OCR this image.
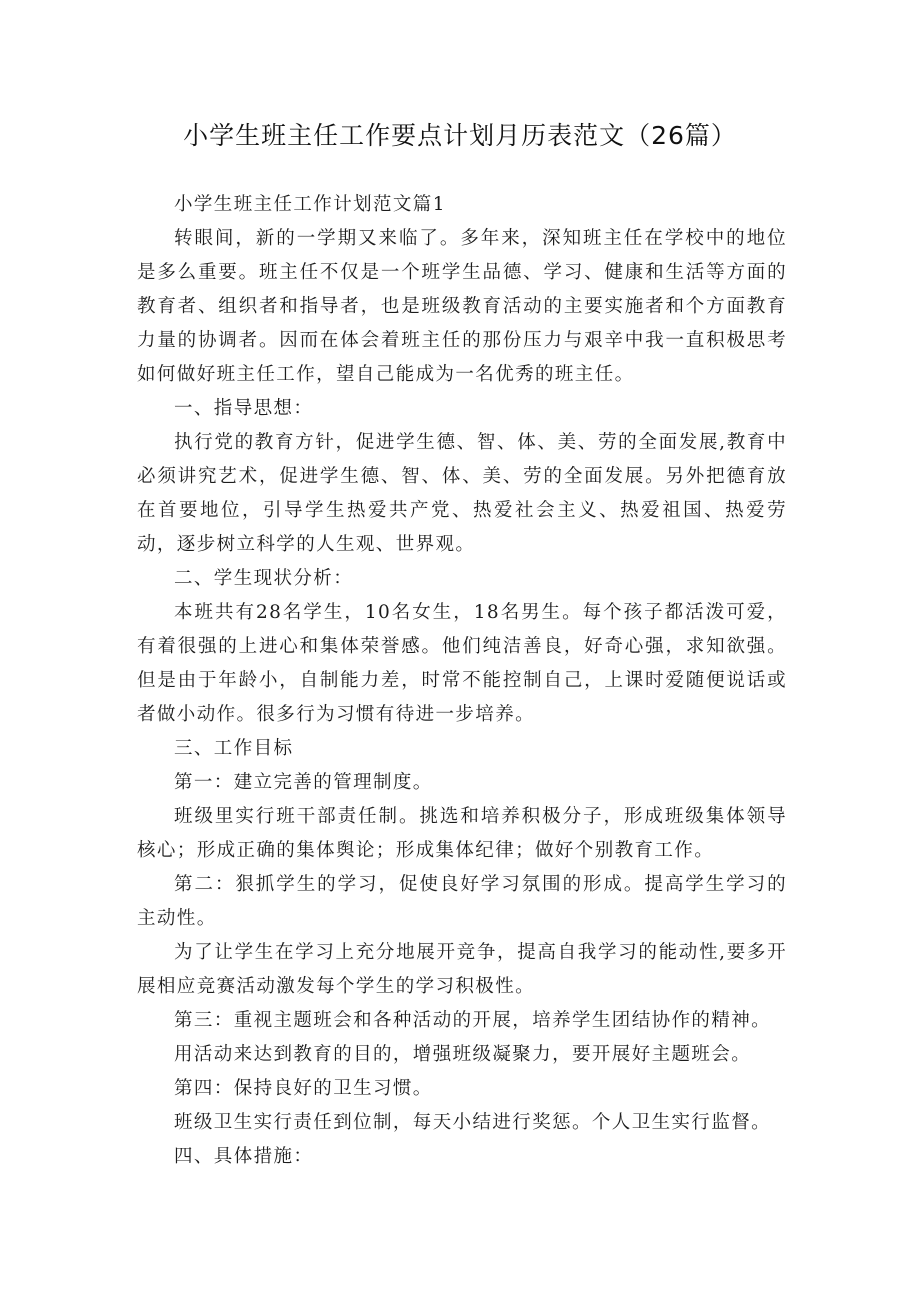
小学生班主任工作要点计划月历表范文（26篇）

小学生班主任工作计划范文篇1

转眼间，新的一学期又来临了。多年来，深知班主任在学校中的地位是多么重要。班主任不仅是一个班学生品德、学习、健康和生活等方面的教育者、组织者和指导者，也是班级教育活动的主要实施者和个方面教育力量的协调者。因而在体会着班主任的那份压力与艰辛中我一直积极思考如何做好班主任工作，望自己能成为一名优秀的班主任。

一、指导思想：

执行党的教育方针，促进学生德、智、体、美、劳的全面发展,教育中必须讲究艺术，促进学生德、智、体、美、劳的全面发展。另外把德育放在首要地位，引导学生热爱共产党、热爱社会主义、热爱祖国、热爱劳动，逐步树立科学的人生观、世界观。

二、学生现状分析：

本班共有28名学生，10名女生，18名男生。每个孩子都活泼可爱，有着很强的上进心和集体荣誉感。他们纯洁善良，好奇心强，求知欲强。但是由于年龄小，自制能力差，时常不能控制自己，上课时爱随便说话或者做小动作。很多行为习惯有待进一步培养。

三、工作目标

第一：建立完善的管理制度。

班级里实行班干部责任制。挑选和培养积极分子，形成班级集体领导核心；形成正确的集体舆论；形成集体纪律；做好个别教育工作。

第二：狠抓学生的学习，促使良好学习氛围的形成。提高学生学习的主动性。

为了让学生在学习上充分地展开竞争，提高自我学习的能动性,要多开展相应竞赛活动激发每个学生的学习积极性。

第三：重视主题班会和各种活动的开展，培养学生团结协作的精神。

用活动来达到教育的目的，增强班级凝聚力，要开展好主题班会。

第四：保持良好的卫生习惯。

班级卫生实行责任到位制，每天小结进行奖惩。个人卫生实行监督。

四、具体措施：
